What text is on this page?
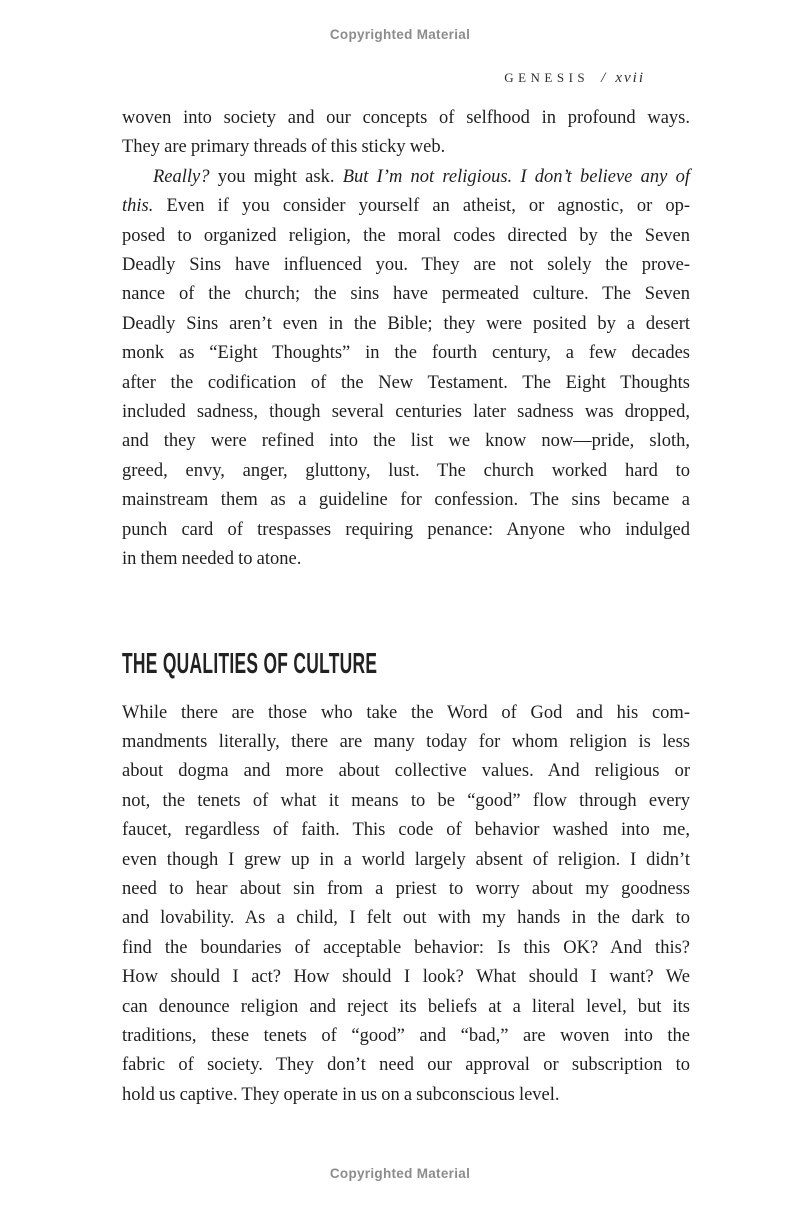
Copyrighted Material
GENESIS / xvii
woven into society and our concepts of selfhood in profound ways.
They are primary threads of this sticky web.
Really? you might ask. But I’m not religious. I don’t believe any of
this. Even if you consider yourself an atheist, or agnostic, or op-
posed to organized religion, the moral codes directed by the Seven
Deadly Sins have influenced you. They are not solely the prove-
nance of the church; the sins have permeated culture. The Seven
Deadly Sins aren’t even in the Bible; they were posited by a desert
monk as “Eight Thoughts” in the fourth century, a few decades
after the codification of the New Testament. The Eight Thoughts
included sadness, though several centuries later sadness was dropped,
and they were refined into the list we know now—pride, sloth,
greed, envy, anger, gluttony, lust. The church worked hard to
mainstream them as a guideline for confession. The sins became a
punch card of trespasses requiring penance: Anyone who indulged
in them needed to atone.
THE QUALITIES OF CULTURE
While there are those who take the Word of God and his com-
mandments literally, there are many today for whom religion is less
about dogma and more about collective values. And religious or
not, the tenets of what it means to be “good” flow through every
faucet, regardless of faith. This code of behavior washed into me,
even though I grew up in a world largely absent of religion. I didn’t
need to hear about sin from a priest to worry about my goodness
and lovability. As a child, I felt out with my hands in the dark to
find the boundaries of acceptable behavior: Is this OK? And this?
How should I act? How should I look? What should I want? We
can denounce religion and reject its beliefs at a literal level, but its
traditions, these tenets of “good” and “bad,” are woven into the
fabric of society. They don’t need our approval or subscription to
hold us captive. They operate in us on a subconscious level.
Copyrighted Material
